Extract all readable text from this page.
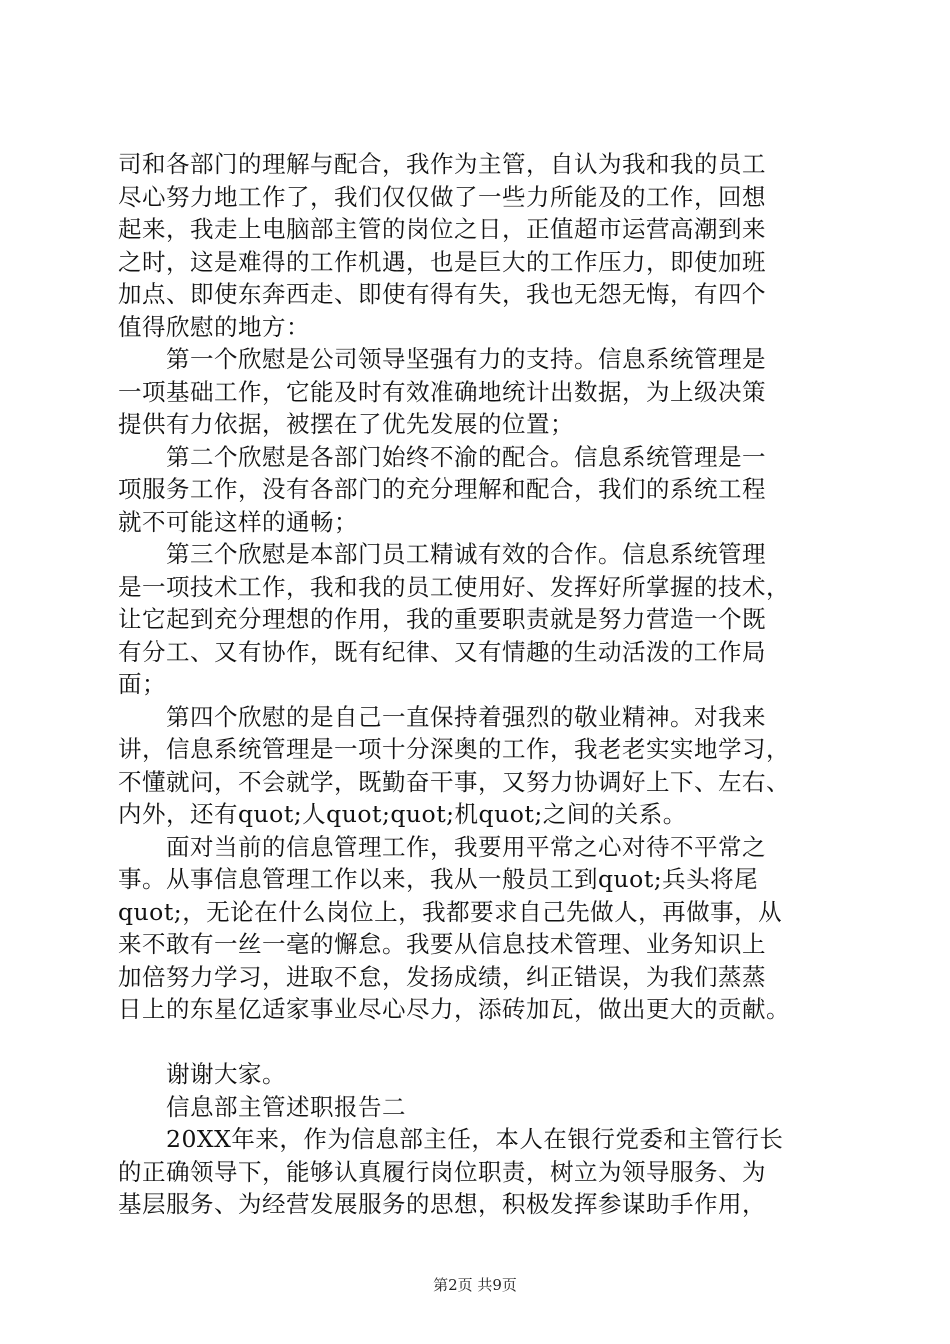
司和各部门的理解与配合，我作为主管，自认为我和我的员工
尽心努力地工作了，我们仅仅做了一些力所能及的工作，回想
起来，我走上电脑部主管的岗位之日，正值超市运营高潮到来
之时，这是难得的工作机遇，也是巨大的工作压力，即使加班
加点、即使东奔西走、即使有得有失，我也无怨无悔，有四个
值得欣慰的地方：
第一个欣慰是公司领导坚强有力的支持。信息系统管理是
一项基础工作，它能及时有效准确地统计出数据，为上级决策
提供有力依据，被摆在了优先发展的位置；
第二个欣慰是各部门始终不渝的配合。信息系统管理是一
项服务工作，没有各部门的充分理解和配合，我们的系统工程
就不可能这样的通畅；
第三个欣慰是本部门员工精诚有效的合作。信息系统管理
是一项技术工作，我和我的员工使用好、发挥好所掌握的技术，
让它起到充分理想的作用，我的重要职责就是努力营造一个既
有分工、又有协作，既有纪律、又有情趣的生动活泼的工作局
面；
第四个欣慰的是自己一直保持着强烈的敬业精神。对我来
讲，信息系统管理是一项十分深奥的工作，我老老实实地学习，
不懂就问，不会就学，既勤奋干事，又努力协调好上下、左右、
内外，还有quot;人quot;quot;机quot;之间的关系。
面对当前的信息管理工作，我要用平常之心对待不平常之
事。从事信息管理工作以来，我从一般员工到quot;兵头将尾
quot;，无论在什么岗位上，我都要求自己先做人，再做事，从
来不敢有一丝一毫的懈怠。我要从信息技术管理、业务知识上
加倍努力学习，进取不怠，发扬成绩，纠正错误，为我们蒸蒸
日上的东星亿适家事业尽心尽力，添砖加瓦，做出更大的贡献。
谢谢大家。
信息部主管述职报告二
20XX年来，作为信息部主任，本人在银行党委和主管行长
的正确领导下，能够认真履行岗位职责，树立为领导服务、为
基层服务、为经营发展服务的思想，积极发挥参谋助手作用，
第2页 共9页
